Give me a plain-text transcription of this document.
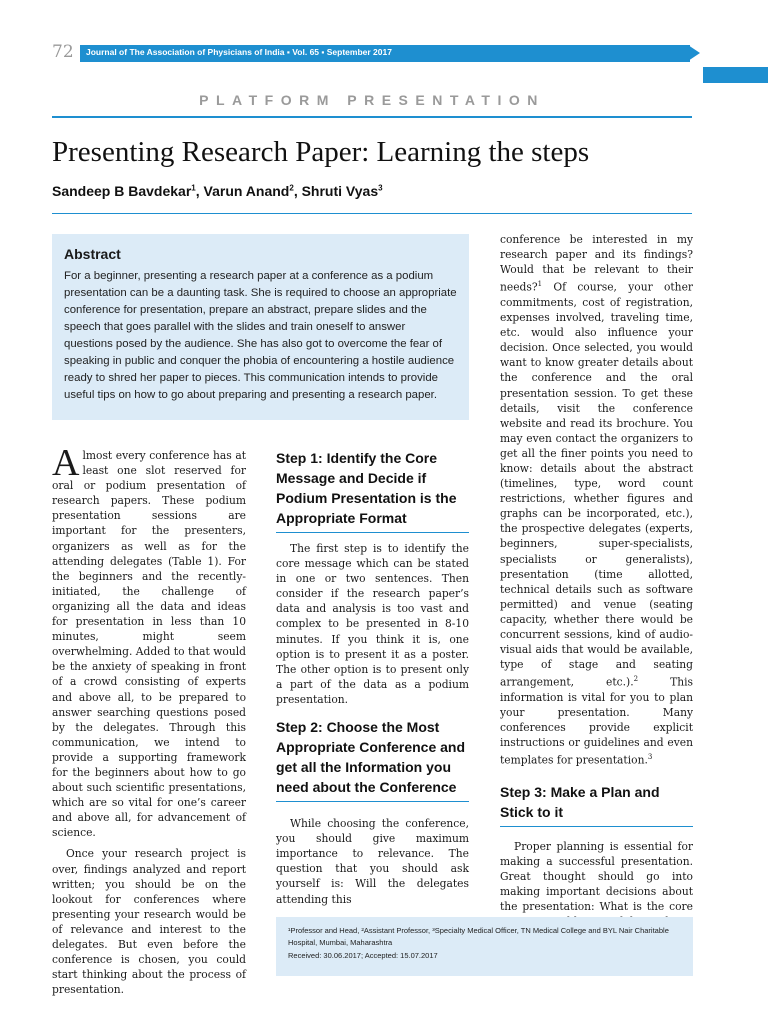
72 Journal of The Association of Physicians of India ▪ Vol. 65 ▪ September 2017
PLATFORM PRESENTATION
Presenting Research Paper: Learning the steps
Sandeep B Bavdekar$^1$, Varun Anand$^2$, Shruti Vyas$^3$

Abstract

For a beginner, presenting a research paper at a conference as a podium presentation can be a daunting task. She is required to choose an appropriate conference for presentation, prepare an abstract, prepare slides and the speech that goes parallel with the slides and train oneself to answer questions posed by the audience. She has also got to overcome the fear of speaking in public and conquer the phobia of encountering a hostile audience ready to shred her paper to pieces. This communication intends to provide useful tips on how to go about preparing and presenting a research paper.

Almost every conference has at least one slot reserved for oral or podium presentation of research papers. These podium presentation sessions are important for the presenters, organizers as well as for the attending delegates (Table 1). For the beginners and the recently-initiated, the challenge of organizing all the data and ideas for presentation in less than 10 minutes, might seem overwhelming. Added to that would be the anxiety of speaking in front of a crowd consisting of experts and above all, to be prepared to answer searching questions posed by the delegates. Through this communication, we intend to provide a supporting framework for the beginners about how to go about such scientific presentations, which are so vital for one’s career and above all, for advancement of science.

Once your research project is over, findings analyzed and report written; you should be on the lookout for conferences where presenting your research would be of relevance and interest to the delegates. But even before the conference is chosen, you could start thinking about the process of presentation.

Step 1: Identify the Core Message and Decide if Podium Presentation is the Appropriate Format

The first step is to identify the core message which can be stated in one or two sentences. Then consider if the research paper’s data and analysis is too vast and complex to be presented in 8-10 minutes. If you think it is, one option is to present it as a poster. The other option is to present only a part of the data as a podium presentation.

Step 2: Choose the Most Appropriate Conference and get all the Information you need about the Conference

While choosing the conference, you should give maximum importance to relevance. The question that you should ask yourself is: Will the delegates attending this

conference be interested in my research paper and its findings? Would that be relevant to their needs?$^1$ Of course, your other commitments, cost of registration, expenses involved, traveling time, etc. would also influence your decision. Once selected, you would want to know greater details about the conference and the oral presentation session. To get these details, visit the conference website and read its brochure. You may even contact the organizers to get all the finer points you need to know: details about the abstract (timelines, type, word count restrictions, whether figures and graphs can be incorporated, etc.), the prospective delegates (experts, beginners, super-specialists, specialists or generalists), presentation (time allotted, technical details such as software permitted) and venue (seating capacity, whether there would be concurrent sessions, kind of audio-visual aids that would be available, type of stage and seating arrangement, etc.).$^2$ This information is vital for you to plan your presentation. Many conferences provide explicit instructions or guidelines and even templates for presentation.$^3$

Step 3: Make a Plan and Stick to it

Proper planning is essential for making a successful presentation. Great thought should go into making important decisions about the presentation: What is the core

¹Professor and Head, ²Assistant Professor, ³Specialty Medical Officer, TN Medical College and BYL Nair Charitable Hospital, Mumbai, Maharashtra

Received: 30.06.2017; Accepted: 15.07.2017
